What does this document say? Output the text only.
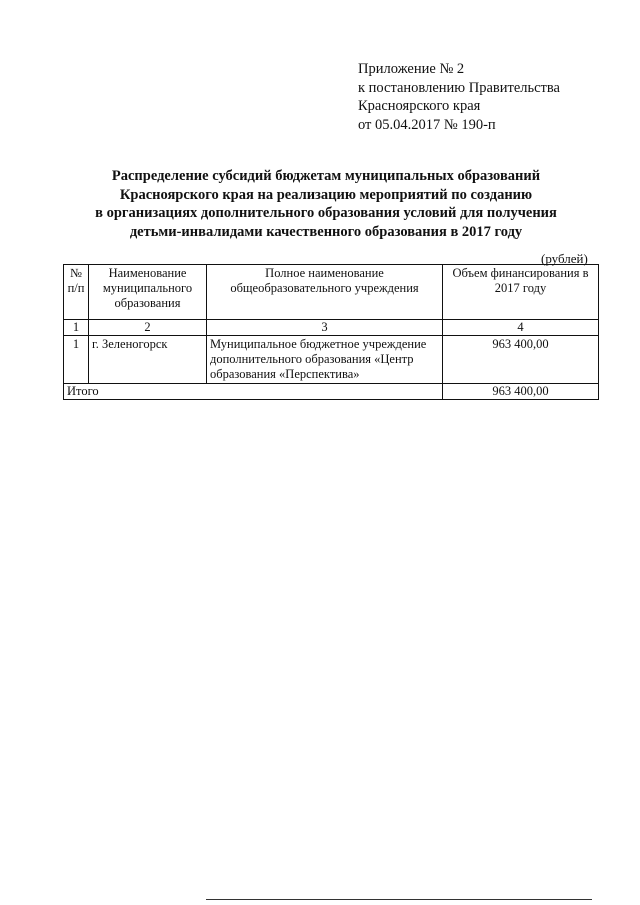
Приложение № 2
к постановлению Правительства
Красноярского края
от 05.04.2017 № 190-п
Распределение субсидий бюджетам муниципальных образований
Красноярского края на реализацию мероприятий по созданию
в организациях дополнительного образования условий для получения
детьми-инвалидами качественного образования в 2017 году
(рублей)
№ п/п	Наименование муниципального образования	Полное наименование общеобразовательного учреждения	Объем финансирования в 2017 году
1	2	3	4
1	г. Зеленогорск	Муниципальное бюджетное учреждение дополнительного образования «Центр образования «Перспектива»	963 400,00
Итого			963 400,00
